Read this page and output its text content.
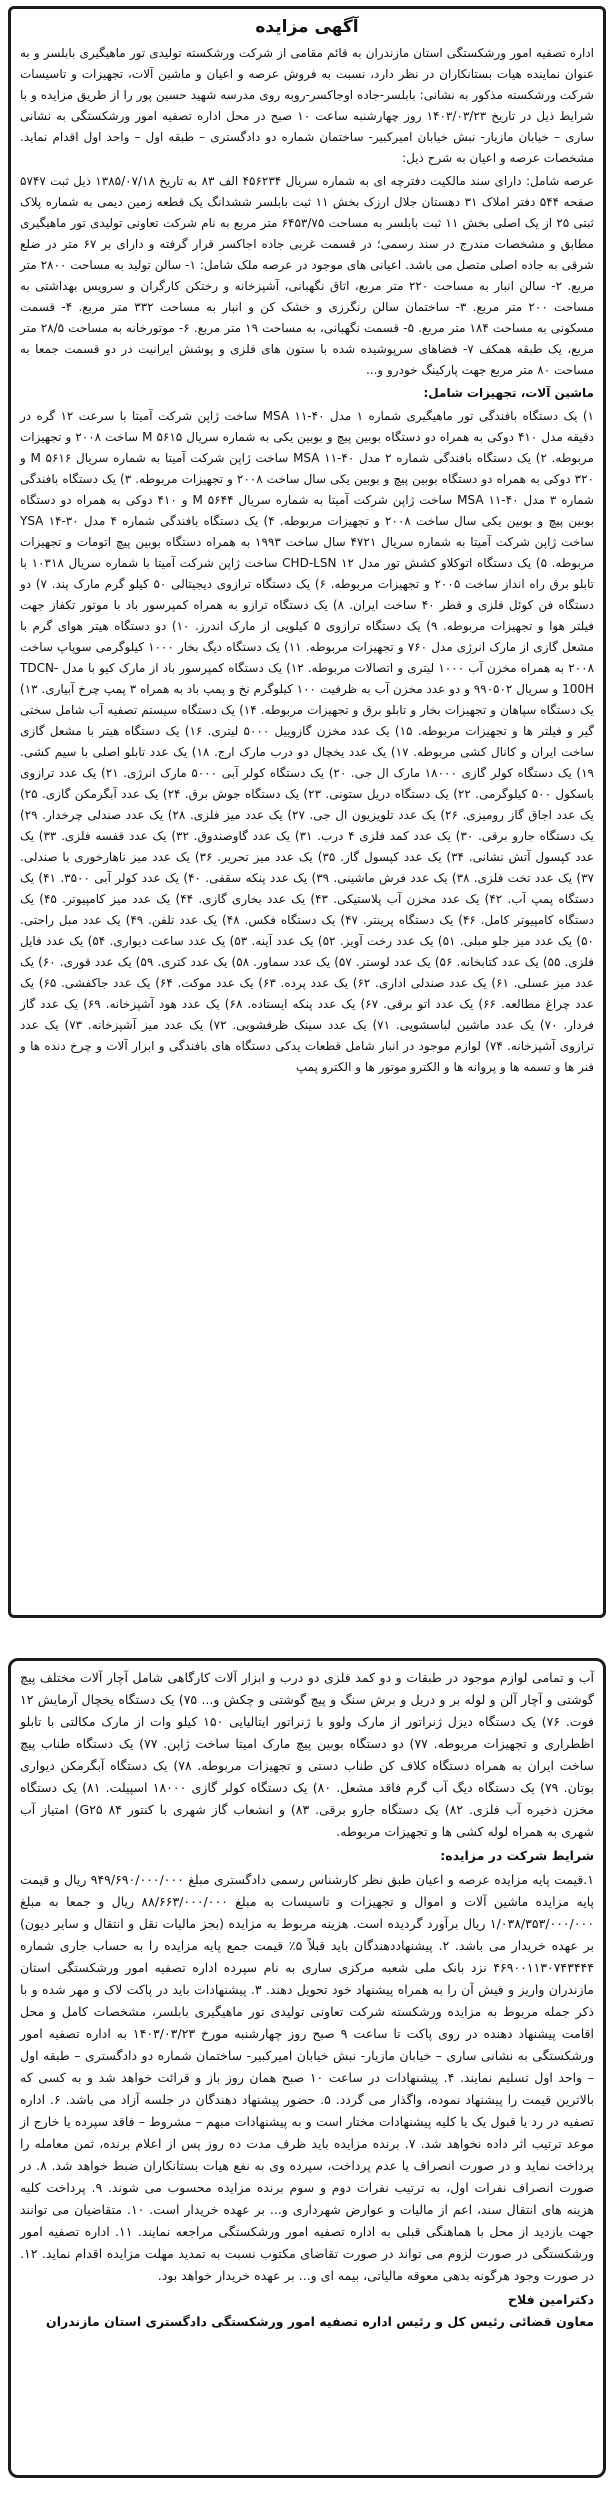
آگهی مزایده

اداره تصفیه امور ورشکستگی استان مازندران به قائم مقامی از شرکت ورشکسته تولیدی تور ماهیگیری بابلسر و به عنوان نماینده هیات بستانکاران در نظر دارد، نسبت به فروش عرصه و اعیان و ماشین آلات، تجهیزات و تاسیسات شرکت ورشکسته مذکور به نشانی: بابلسر-جاده اوجاکسر-روبه روی مدرسه شهید حسین پور را از طریق مزایده و با شرایط ذیل در تاریخ ۱۴۰۳/۰۳/۲۳ روز چهارشنبه ساعت ۱۰ صبح در محل اداره تصفیه امور ورشکستگی به نشانی ساری – خیابان مازیار- نبش خیابان امیرکبیر- ساختمان شماره دو دادگستری – طبقه اول – واحد اول اقدام نماید. مشخصات عرصه و اعیان به شرح ذیل:

عرصه شامل: دارای سند مالکیت دفترچه ای به شماره سریال ۴۵۶۲۳۴ الف ۸۳ به تاریخ ۱۳۸۵/۰۷/۱۸ ذیل ثبت ۵۷۴۷ صفحه ۵۴۴ دفتر املاک ۳۱ دهستان جلال ارزک بخش ۱۱ ثبت بابلسر ششدانگ یک قطعه زمین دیمی به شماره پلاک ثبتی ۲۵ از یک اصلی بخش ۱۱ ثبت بابلسر به مساحت ۶۴۵۳/۷۵ متر مربع به نام شرکت تعاونی تولیدی تور ماهیگیری مطابق و مشخصات مندرج در سند رسمی؛ در قسمت غربی جاده اجاکسر قرار گرفته و دارای بر ۶۷ متر در ضلع شرقی به جاده اصلی متصل می باشد. اعیانی های موجود در عرصه ملک شامل: ۱- سالن تولید به مساحت ۲۸۰۰ متر مربع. ۲- سالن انبار به مساحت ۲۲۰ متر مربع، اتاق نگهبانی، آشپزخانه و رختکن کارگران و سرویس بهداشتی به مساحت ۲۰۰ متر مربع. ۳- ساختمان سالن رنگرزی و خشک کن و انبار به مساحت ۳۳۲ متر مربع. ۴- قسمت مسکونی به مساحت ۱۸۴ متر مربع. ۵- قسمت نگهبانی، به مساحت ۱۹ متر مربع. ۶- موتورخانه به مساحت ۲۸/۵ متر مربع، یک طبقه همکف ۷- فضاهای سرپوشیده شده با ستون های فلزی و پوشش ایرانیت در دو قسمت جمعا به مساحت ۸۰ متر مربع جهت پارکینگ خودرو و...

ماشین آلات، تجهیزات شامل:

۱) یک دستگاه بافندگی تور ماهیگیری شماره ۱ مدل ۴۰-۱۱ MSA ساخت ژاپن شرکت آمیتا با سرعت ۱۲ گره در دقیقه مدل ۴۱۰ دوکی به همراه دو دستگاه بوبین پیچ و بوبین یکی به شماره سریال ۵۶۱۵ M ساخت ۲۰۰۸ و تجهیزات مربوطه. ۲) یک دستگاه بافندگی شماره ۲ مدل ۴۰-۱۱ MSA ساخت ژاپن شرکت آمیتا به شماره سریال ۵۶۱۶ M و ۳۲۰ دوکی به همراه دو دستگاه بوبین پیچ و بوبین یکی سال ساخت ۲۰۰۸ و تجهیزات مربوطه. ۳) یک دستگاه بافندگی شماره ۳ مدل ۴۰-۱۱ MSA ساخت ژاپن شرکت آمیتا به شماره سریال ۵۶۴۴ M و ۴۱۰ دوکی به همراه دو دستگاه بوبین پیچ و بوبین یکی سال ساخت ۲۰۰۸ و تجهیزات مربوطه. ۴) یک دستگاه بافندگی شماره ۴ مدل ۳۰-۱۴ YSA ساخت ژاپن شرکت آمیتا به شماره سریال ۴۷۲۱ سال ساخت ۱۹۹۳ به همراه دستگاه بوبین پیچ اتومات و تجهیزات مربوطه. ۵) یک دستگاه اتوکلاو کشش تور مدل CHD-LSN ۱۲ ساخت ژاپن شرکت آمیتا با شماره سریال ۱۰۳۱۸ با تابلو برق راه انداز ساخت ۲۰۰۵ و تجهیزات مربوطه. ۶) یک دستگاه ترازوی دیجیتالی ۵۰ کیلو گرم مارک پند. ۷) دو دستگاه فن کوئل فلزی و قطر ۴۰ ساخت ایران. ۸) یک دستگاه ترازو به همراه کمپرسور باد با موتور تکفاز جهت فیلتر هوا و تجهیزات مربوطه. ۹) یک دستگاه ترازوی ۵ کیلویی از مارک اندرز. ۱۰) دو دستگاه هیتر هوای گرم با مشعل گازی از مارک انرژی مدل ۷۶۰ و تجهیزات مربوطه. ۱۱) یک دستگاه دیگ بخار ۱۰۰۰ کیلوگرمی سوپاپ ساخت ۲۰۰۸ به همراه مخزن آب ۱۰۰۰ لیتری و اتصالات مربوطه. ۱۲) یک دستگاه کمپرسور باد از مارک کیو با مدل TDCN-100H و سریال ۹۹۰۵۰۲ و دو عدد مخزن آب به ظرفیت ۱۰۰ کیلوگرم نخ و پمپ باد به همراه ۳ پمپ چرخ آبیاری. ۱۳) یک دستگاه سپاهان و تجهیزات بخار و تابلو برق و تجهیزات مربوطه. ۱۴) یک دستگاه سیستم تصفیه آب شامل سختی گیر و فیلتر ها و تجهیزات مربوطه. ۱۵) یک عدد مخزن گازوییل ۵۰۰۰ لیتری. ۱۶) یک دستگاه هیتر با مشعل گازی ساخت ایران و کانال کشی مربوطه. ۱۷) یک عدد یخچال دو درب مارک ارج. ۱۸) یک عدد تابلو اصلی با سیم کشی. ۱۹) یک دستگاه کولر گازی ۱۸۰۰۰ مارک ال جی. ۲۰) یک دستگاه کولر آبی ۵۰۰۰ مارک انرژی. ۲۱) یک عدد ترازوی باسکول ۵۰۰ کیلوگرمی. ۲۲) یک دستگاه دریل ستونی. ۲۳) یک دستگاه جوش برق. ۲۴) یک عدد آبگرمکن گازی. ۲۵) یک عدد اجاق گاز رومیزی. ۲۶) یک عدد تلویزیون ال جی. ۲۷) یک عدد میز فلزی. ۲۸) یک عدد صندلی چرخدار. ۲۹) یک دستگاه جارو برقی. ۳۰) یک عدد کمد فلزی ۴ درب. ۳۱) یک عدد گاوصندوق. ۳۲) یک عدد قفسه فلزی. ۳۳) یک عدد کپسول آتش نشانی. ۳۴) یک عدد کپسول گاز. ۳۵) یک عدد میز تحریر. ۳۶) یک عدد میز ناهارخوری با صندلی. ۳۷) یک عدد تخت فلزی. ۳۸) یک عدد فرش ماشینی. ۳۹) یک عدد پنکه سقفی. ۴۰) یک عدد کولر آبی ۳۵۰۰. ۴۱) یک دستگاه پمپ آب. ۴۲) یک عدد مخزن آب پلاستیکی. ۴۳) یک عدد بخاری گازی. ۴۴) یک عدد میز کامپیوتر. ۴۵) یک دستگاه کامپیوتر کامل. ۴۶) یک دستگاه پرینتر. ۴۷) یک دستگاه فکس. ۴۸) یک عدد تلفن. ۴۹) یک عدد مبل راحتی. ۵۰) یک عدد میز جلو مبلی. ۵۱) یک عدد رخت آویز. ۵۲) یک عدد آینه. ۵۳) یک عدد ساعت دیواری. ۵۴) یک عدد فایل فلزی. ۵۵) یک عدد کتابخانه. ۵۶) یک عدد لوستر. ۵۷) یک عدد سماور. ۵۸) یک عدد کتری. ۵۹) یک عدد قوری. ۶۰) یک عدد میز عسلی. ۶۱) یک عدد صندلی اداری. ۶۲) یک عدد پرده. ۶۳) یک عدد موکت. ۶۴) یک عدد جاکفشی. ۶۵) یک عدد چراغ مطالعه. ۶۶) یک عدد اتو برقی. ۶۷) یک عدد پنکه ایستاده. ۶۸) یک عدد هود آشپزخانه. ۶۹) یک عدد گاز فردار. ۷۰) یک عدد ماشین لباسشویی. ۷۱) یک عدد سینک ظرفشویی. ۷۲) یک عدد میز آشپزخانه. ۷۳) یک عدد ترازوی آشپزخانه. ۷۴) لوازم موجود در انبار شامل قطعات یدکی دستگاه های بافندگی و ابزار آلات و چرخ دنده ها و فنر ها و تسمه ها و پروانه ها و الکترو موتور ها و الکترو پمپ

آب و تمامی لوازم موجود در طبقات و دو کمد فلزی دو درب و ابزار آلات کارگاهی شامل آچار آلات مختلف پیچ گوشتی و آچار آلن و لوله بر و دریل و برش سنگ و پیچ گوشتی و چکش و... ۷۵) یک دستگاه یخچال آرمایش ۱۲ فوت. ۷۶) یک دستگاه دیزل ژنراتور از مارک ولوو با ژنراتور ایتالیایی ۱۵۰ کیلو وات از مارک مکالتی با تابلو اظطراری و تجهیزات مربوطه. ۷۷) دو دستگاه بوبین پیچ مارک امیتا ساخت ژاپن. ۷۷) یک دستگاه طناب پیچ ساخت ایران به همراه دستگاه کلاف کن طناب دستی و تجهیزات مربوطه. ۷۸) یک دستگاه آبگرمکن دیواری بوتان. ۷۹) یک دستگاه دیگ آب گرم فاقد مشعل. ۸۰) یک دستگاه کولر گازی ۱۸۰۰۰ اسپیلت. ۸۱) یک دستگاه مخزن ذخیره آب فلزی. ۸۲) یک دستگاه جارو برقی. ۸۳) و انشعاب گاز شهری با کنتور G۲۵ ۸۴) امتیاز آب شهری به همراه لوله کشی ها و تجهیزات مربوطه.

شرایط شرکت در مزایده:

۱.قیمت پایه مزایده عرصه و اعیان طبق نظر کارشناس رسمی دادگستری مبلغ ۹۴۹/۶۹۰/۰۰۰/۰۰۰ ریال و قیمت پایه مزایده ماشین آلات و اموال و تجهیزات و تاسیسات به مبلغ ۸۸/۶۶۳/۰۰۰/۰۰۰ ریال و جمعا به مبلغ ۱/۰۳۸/۳۵۳/۰۰۰/۰۰۰ ریال برآورد گردیده است. هزینه مربوط به مزایده (بجز مالیات نقل و انتقال و سایر دیون) بر عهده خریدار می باشد. ۲. پیشنهاددهندگان باید قبلاً ۵٪ قیمت جمع پایه مزایده را به حساب جاری شماره ۴۶۹۰۰۱۱۳۰۷۴۳۴۴۴ نزد بانک ملی شعبه مرکزی ساری به نام سپرده اداره تصفیه امور ورشکستگی استان مازندران واریز و فیش آن را به همراه پیشنهاد خود تحویل دهند. ۳. پیشنهادات باید در پاکت لاک و مهر شده و با ذکر جمله مربوط به مزایده ورشکسته شرکت تعاونی تولیدی تور ماهیگیری بابلسر، مشخصات کامل و محل اقامت پیشنهاد دهنده در روی پاکت تا ساعت ۹ صبح روز چهارشنبه مورخ ۱۴۰۳/۰۳/۲۳ به اداره تصفیه امور ورشکستگی به نشانی ساری – خیابان مازیار- نبش خیابان امیرکبیر- ساختمان شماره دو دادگستری – طبقه اول – واحد اول تسلیم نمایند. ۴. پیشنهادات در ساعت ۱۰ صبح همان روز باز و قرائت خواهد شد و به کسی که بالاترین قیمت را پیشنهاد نموده، واگذار می گردد. ۵. حضور پیشنهاد دهندگان در جلسه آزاد می باشد. ۶. اداره تصفیه در رد یا قبول یک یا کلیه پیشنهادات مختار است و به پیشنهادات مبهم – مشروط – فاقد سپرده یا خارج از موعد ترتیب اثر داده نخواهد شد. ۷. برنده مزایده باید ظرف مدت ده روز پس از اعلام برنده، ثمن معامله را پرداخت نماید و در صورت انصراف یا عدم پرداخت، سپرده وی به نفع هیات بستانکاران ضبط خواهد شد. ۸. در صورت انصراف نفرات اول، به ترتیب نفرات دوم و سوم برنده مزایده محسوب می شوند. ۹. پرداخت کلیه هزینه های انتقال سند، اعم از مالیات و عوارض شهرداری و... بر عهده خریدار است. ۱۰. متقاضیان می توانند جهت بازدید از محل با هماهنگی قبلی به اداره تصفیه امور ورشکستگی مراجعه نمایند. ۱۱. اداره تصفیه امور ورشکستگی در صورت لزوم می تواند در صورت تقاضای مکتوب نسبت به تمدید مهلت مزایده اقدام نماید. ۱۲. در صورت وجود هرگونه بدهی معوقه مالیاتی، بیمه ای و... بر عهده خریدار خواهد بود.

دکترامین فلاح

معاون قضائی رئیس کل و رئیس اداره تصفیه امور ورشکستگی دادگستری استان مازندران
